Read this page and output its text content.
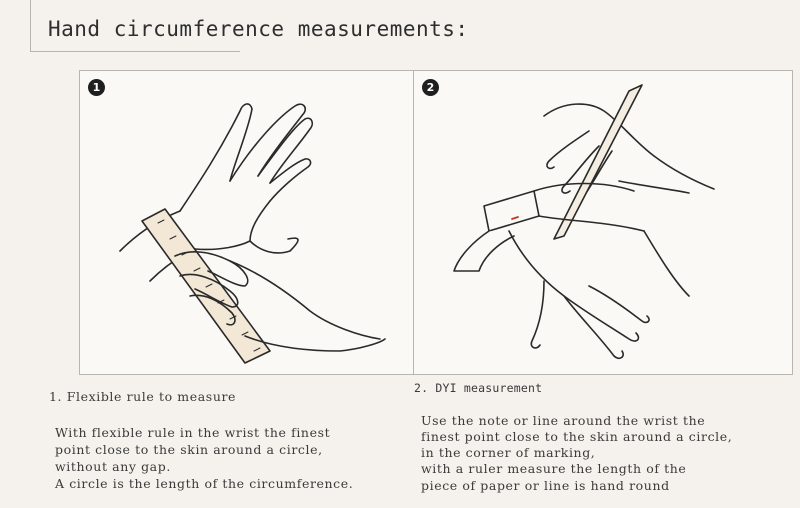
Hand circumference measurements:
1	2
1. Flexible rule to measure
With flexible rule in the wrist the finest
point close to the skin around a circle,
without any gap.
A circle is the length of the circumference.
2. DYI measurement
Use the note or line around the wrist the
finest point close to the skin around a circle,
in the corner of marking,
with a ruler measure the length of the
piece of paper or line is hand round
